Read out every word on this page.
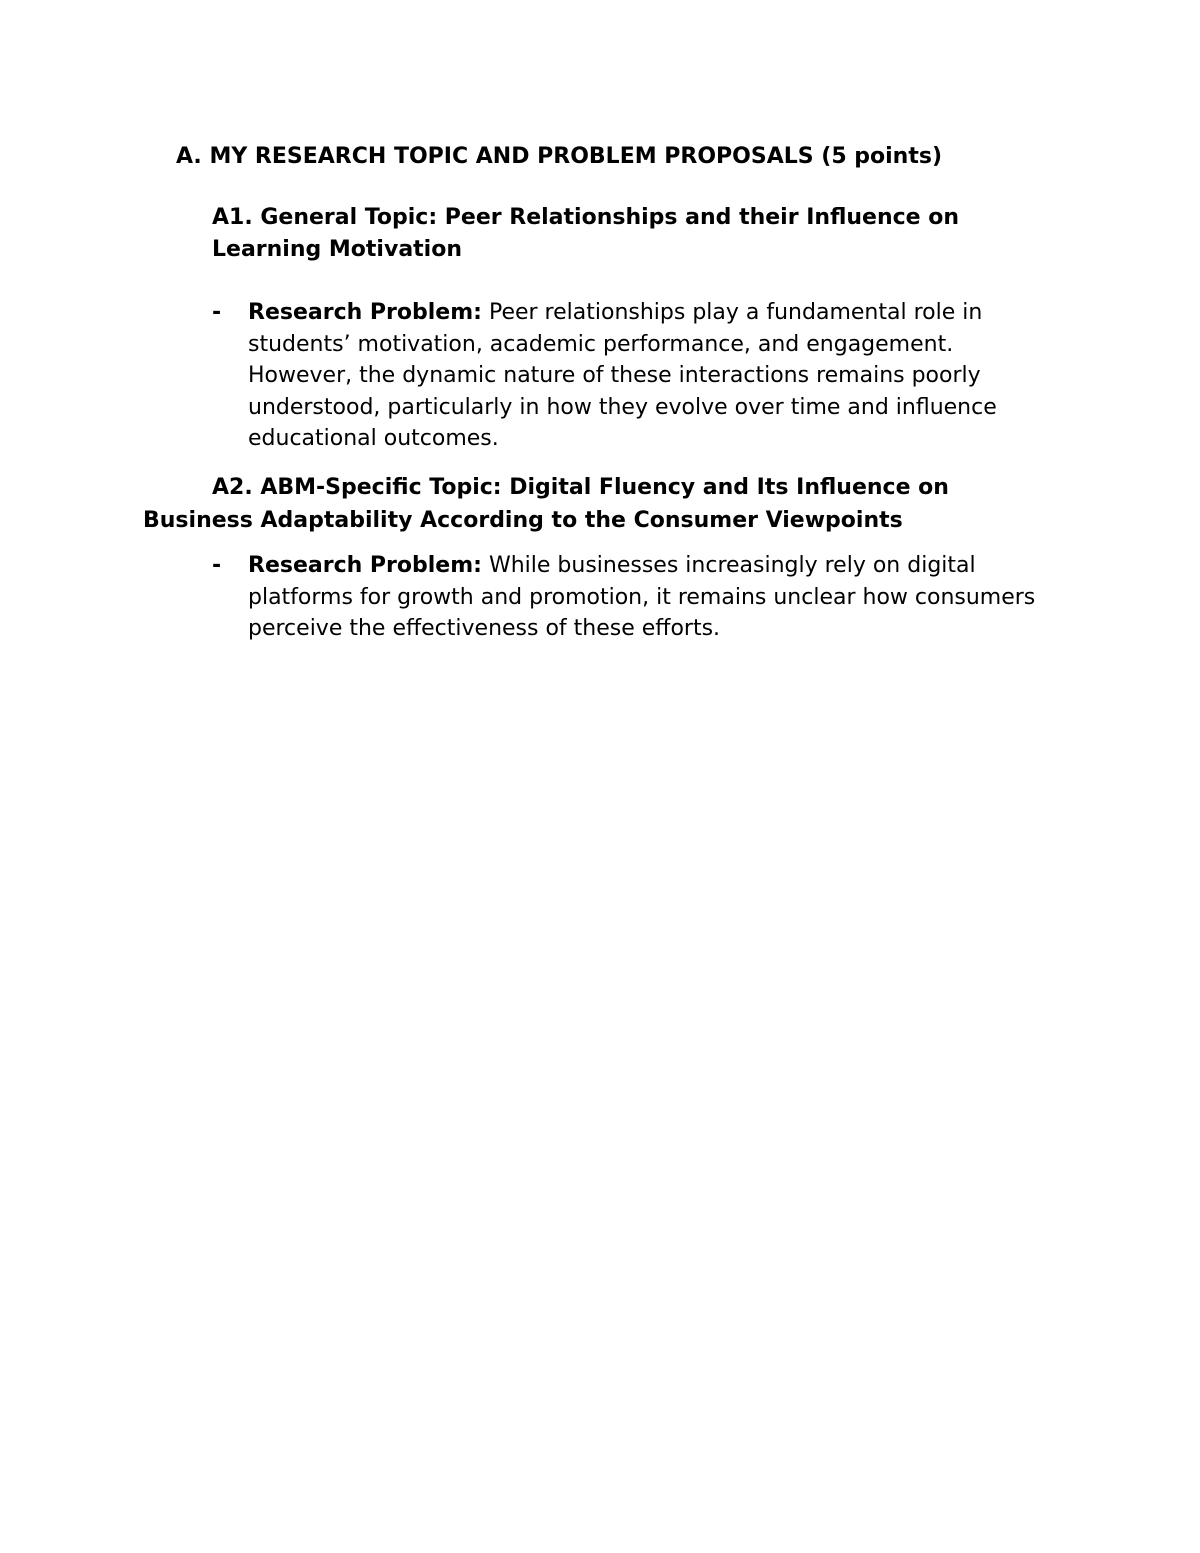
A. MY RESEARCH TOPIC AND PROBLEM PROPOSALS (5 points)

A1. General Topic: Peer Relationships and their Influence on Learning Motivation

- Research Problem: Peer relationships play a fundamental role in students’ motivation, academic performance, and engagement. However, the dynamic nature of these interactions remains poorly understood, particularly in how they evolve over time and influence educational outcomes.

A2. ABM-Specific Topic: Digital Fluency and Its Influence on Business Adaptability According to the Consumer Viewpoints

- Research Problem: While businesses increasingly rely on digital platforms for growth and promotion, it remains unclear how consumers perceive the effectiveness of these efforts.
